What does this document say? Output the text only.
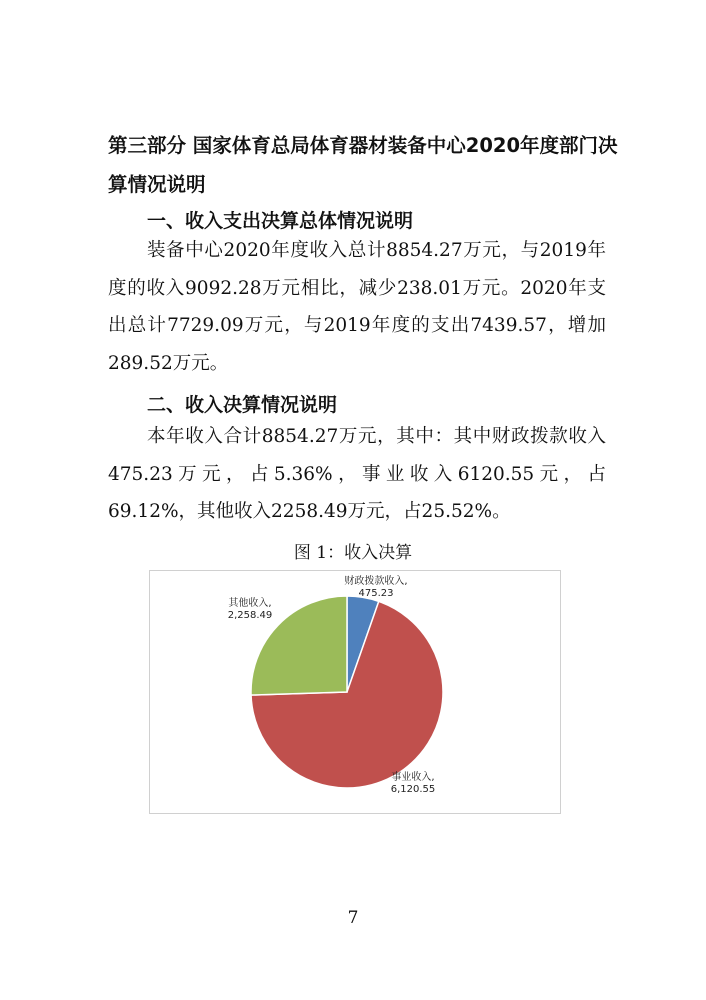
第三部分 国家体育总局体育器材装备中心2020年度部门决
算情况说明
一、收入支出决算总体情况说明
装备中心2020年度收入总计8854.27万元，与2019年度的收入9092.28万元相比，减少238.01万元。2020年支出总计7729.09万元，与2019年度的支出7439.57，增加289.52万元。
二、收入决算情况说明
本年收入合计8854.27万元，其中：其中财政拨款收入475.23万元，占5.36%，事业收入6120.55元，占69.12%，其他收入2258.49万元，占25.52%。
图 1：收入决算
财政拨款收入,
475.23
事业收入,
6,120.55
其他收入,
2,258.49
7
